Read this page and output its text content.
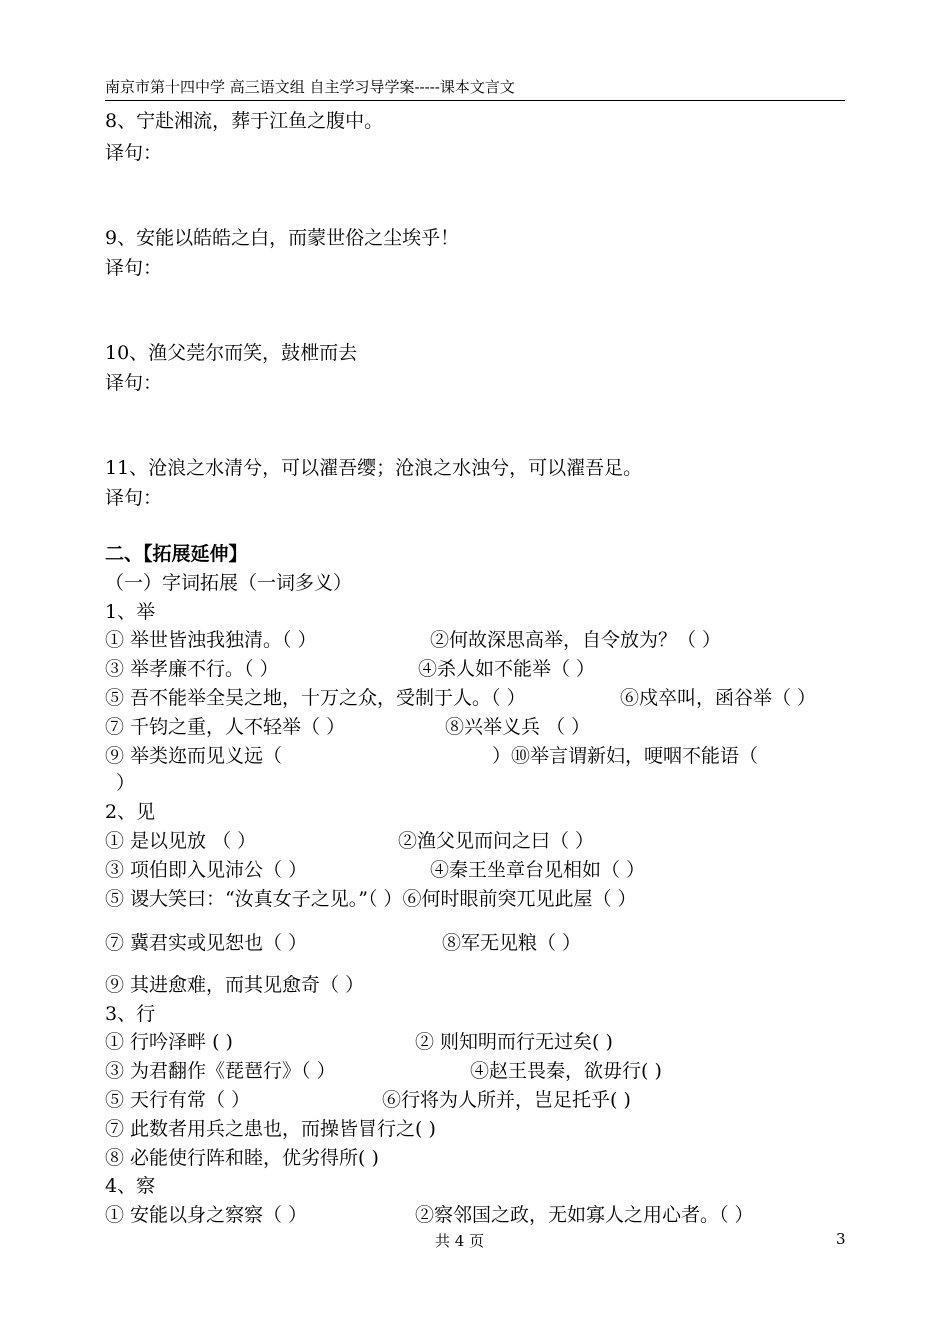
南京市第十四中学 高三语文组 自主学习导学案-----课本文言文
8、宁赴湘流，葬于江鱼之腹中。
译句：
9、安能以皓皓之白，而蒙世俗之尘埃乎！
译句：
10、渔父莞尔而笑，鼓枻而去
译句：
11、沧浪之水清兮，可以濯吾缨；沧浪之水浊兮，可以濯吾足。
译句：
二、【拓展延伸】
（一）字词拓展（一词多义）
1、举
① 举世皆浊我独清。（ ）	②何故深思高举，自令放为？（ ）
③ 举孝廉不行。（ ）	④杀人如不能举（ ）
⑤ 吾不能举全吴之地，十万之众，受制于人。（ ）	⑥戍卒叫，函谷举（ ）
⑦ 千钧之重，人不轻举（ ）	⑧兴举义兵 （ ）
⑨ 举类迩而见义远（	）⑩举言谓新妇，哽咽不能语（
）
2、见
① 是以见放 （ ）	②渔父见而问之曰（ ）
③ 项伯即入见沛公（ ）	④秦王坐章台见相如（ ）
⑤ 谡大笑曰：“汝真女子之见。”（ ）⑥何时眼前突兀见此屋（ ）
⑦ 冀君实或见恕也（ ）	⑧军无见粮（ ）
⑨ 其进愈难，而其见愈奇（ ）
3、行
① 行吟泽畔 ( )	② 则知明而行无过矣( )
③ 为君翻作《琵琶行》（ ）	④赵王畏秦，欲毋行( )
⑤ 天行有常（ ）	⑥行将为人所并，岂足托乎( )
⑦ 此数者用兵之患也，而操皆冒行之( )
⑧ 必能使行阵和睦，优劣得所( )
4、察
① 安能以身之察察（ ）	②察邻国之政，无如寡人之用心者。（ ）
共 4 页	3
